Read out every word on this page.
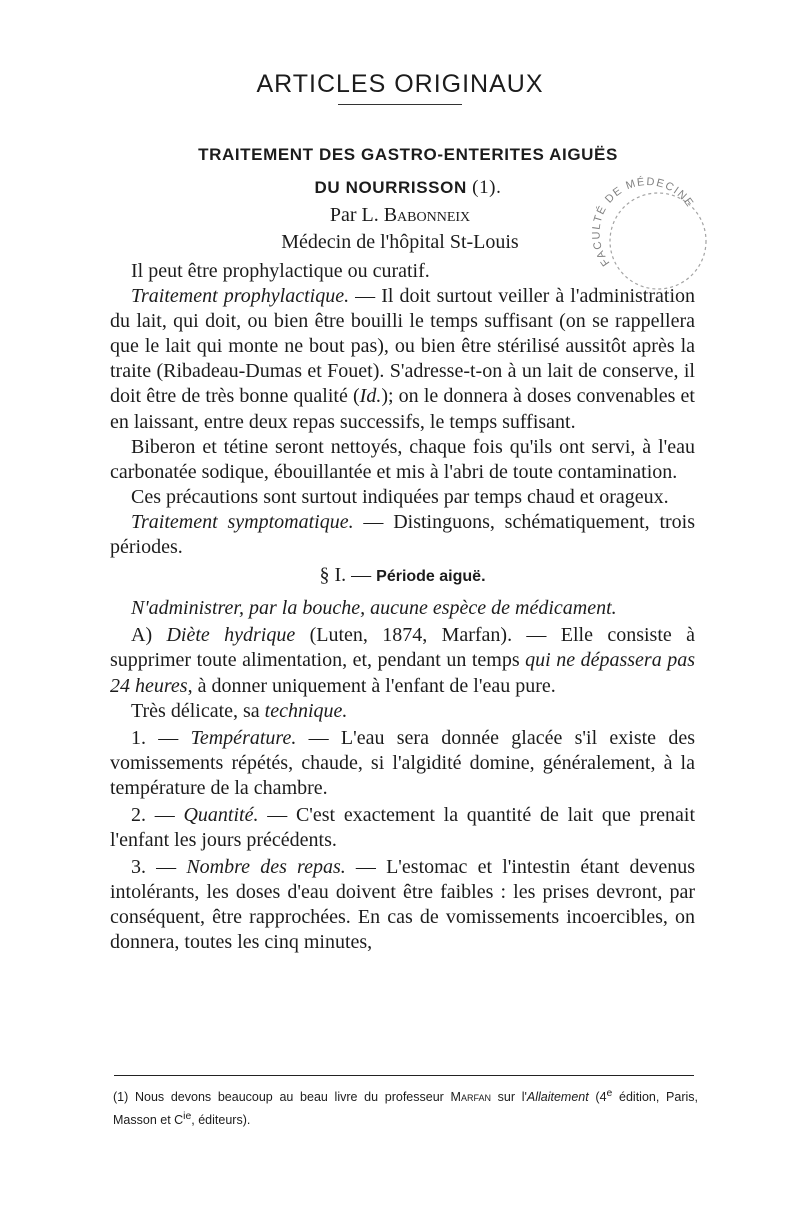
ARTICLES ORIGINAUX
TRAITEMENT DES GASTRO-ENTERITES AIGUËS
DU NOURRISSON (1).
Par L. Babonneix
Médecin de l'hôpital St-Louis
FACULTÉ DE MÉDECINE

Il peut être prophylactique ou curatif.

Traitement prophylactique. — Il doit surtout veiller à l'administration du lait, qui doit, ou bien être bouilli le temps suffisant (on se rappellera que le lait qui monte ne bout pas), ou bien être stérilisé aussitôt après la traite (Ribadeau-Dumas et Fouet). S'adresse-t-on à un lait de conserve, il doit être de très bonne qualité (Id.); on le donnera à doses convenables et en laissant, entre deux repas successifs, le temps suffisant.

Biberon et tétine seront nettoyés, chaque fois qu'ils ont servi, à l'eau carbonatée sodique, ébouillantée et mis à l'abri de toute contamination.

Ces précautions sont surtout indiquées par temps chaud et orageux.

Traitement symptomatique. — Distinguons, schématiquement, trois périodes.

§ I. — Période aiguë.

N'administrer, par la bouche, aucune espèce de médicament.

A) Diète hydrique (Luten, 1874, Marfan). — Elle consiste à supprimer toute alimentation, et, pendant un temps qui ne dépassera pas 24 heures, à donner uniquement à l'enfant de l'eau pure.

Très délicate, sa technique.

1. — Température. — L'eau sera donnée glacée s'il existe des vomissements répétés, chaude, si l'algidité domine, généralement, à la température de la chambre.

2. — Quantité. — C'est exactement la quantité de lait que prenait l'enfant les jours précédents.

3. — Nombre des repas. — L'estomac et l'intestin étant devenus intolérants, les doses d'eau doivent être faibles : les prises devront, par conséquent, être rapprochées. En cas de vomissements incoercibles, on donnera, toutes les cinq minutes,

(1) Nous devons beaucoup au beau livre du professeur Marfan sur l'Allaitement (4e édition, Paris, Masson et $C^{ie}$, éditeurs).
